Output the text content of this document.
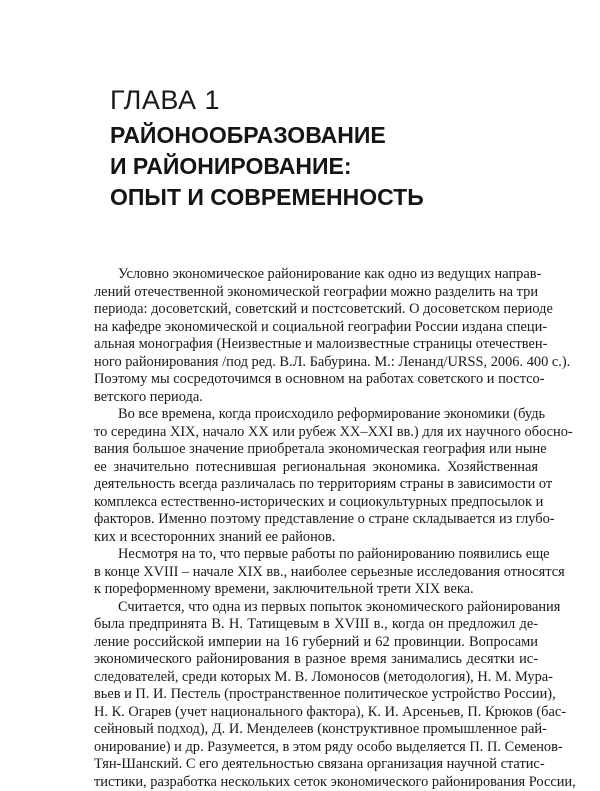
ГЛАВА 1
РАЙОНООБРАЗОВАНИЕ
И РАЙОНИРОВАНИЕ:
ОПЫТ И СОВРЕМЕННОСТЬ
Условно экономическое районирование как одно из ведущих направ-
лений отечественной экономической географии можно разделить на три
периода: досоветский, советский и постсоветский. О досоветском периоде
на кафедре экономической и социальной географии России издана специ-
альная монография (Неизвестные и малоизвестные страницы отечествен-
ного районирования /под ред. В.Л. Бабурина. М.: Ленанд/URSS, 2006. 400 с.).
Поэтому мы сосредоточимся в основном на работах советского и постсо-
ветского периода.
Во все времена, когда происходило реформирование экономики (будь
то середина XIX, начало XX или рубеж XX–XXI вв.) для их научного обосно-
вания большое значение приобретала экономическая география или ныне
ее значительно потеснившая региональная экономика. Хозяйственная
деятельность всегда различалась по территориям страны в зависимости от
комплекса естественно-исторических и социокультурных предпосылок и
факторов. Именно поэтому представление о стране складывается из глубо-
ких и всесторонних знаний ее районов.
Несмотря на то, что первые работы по районированию появились еще
в конце XVIII – начале XIX вв., наиболее серьезные исследования относятся
к пореформенному времени, заключительной трети XIX века.
Считается, что одна из первых попыток экономического районирования
была предпринята В. Н. Татищевым в XVIII в., когда он предложил де-
ление российской империи на 16 губерний и 62 провинции. Вопросами
экономического районирования в разное время занимались десятки ис-
следователей, среди которых М. В. Ломоносов (методология), Н. М. Мура-
вьев и П. И. Пестель (пространственное политическое устройство России),
Н. К. Огарев (учет национального фактора), К. И. Арсеньев, П. Крюков (бас-
сейновый подход), Д. И. Менделеев (конструктивное промышленное рай-
онирование) и др. Разумеется, в этом ряду особо выделяется П. П. Семенов-
Тян-Шанский. С его деятельностью связана организация научной статис-
тистики, разработка нескольких сеток экономического районирования России,
